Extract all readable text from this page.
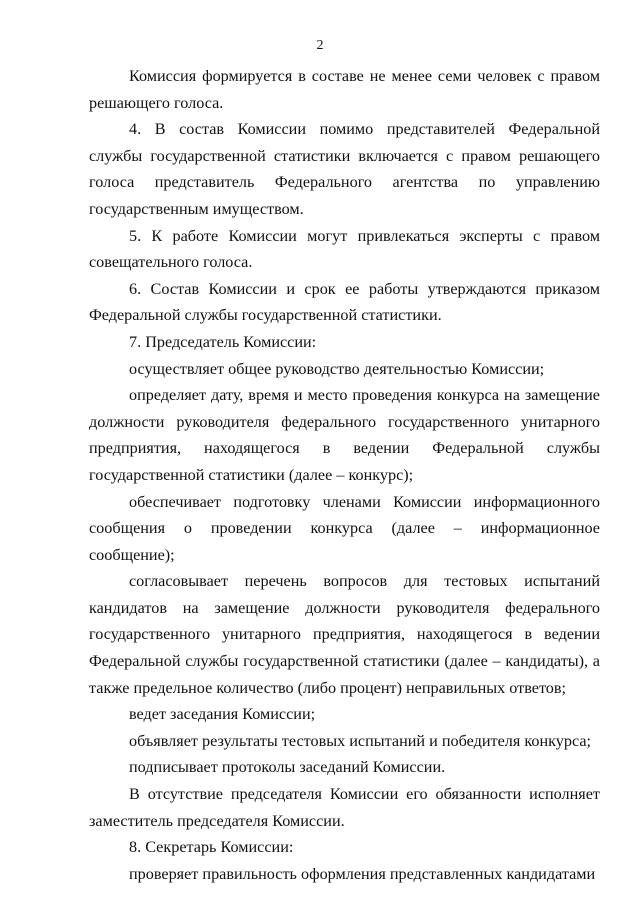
2

Комиссия формируется в составе не менее семи человек с правом решающего голоса.

4. В состав Комиссии помимо представителей Федеральной службы государственной статистики включается с правом решающего голоса представитель Федерального агентства по управлению государственным имуществом.

5. К работе Комиссии могут привлекаться эксперты с правом совещательного голоса.

6. Состав Комиссии и срок ее работы утверждаются приказом Федеральной службы государственной статистики.

7. Председатель Комиссии:

осуществляет общее руководство деятельностью Комиссии;

определяет дату, время и место проведения конкурса на замещение должности руководителя федерального государственного унитарного предприятия, находящегося в ведении Федеральной службы государственной статистики (далее – конкурс);

обеспечивает подготовку членами Комиссии информационного сообщения о проведении конкурса (далее – информационное сообщение);

согласовывает перечень вопросов для тестовых испытаний кандидатов на замещение должности руководителя федерального государственного унитарного предприятия, находящегося в ведении Федеральной службы государственной статистики (далее – кандидаты), а также предельное количество (либо процент) неправильных ответов;

ведет заседания Комиссии;

объявляет результаты тестовых испытаний и победителя конкурса;

подписывает протоколы заседаний Комиссии.

В отсутствие председателя Комиссии его обязанности исполняет заместитель председателя Комиссии.

8. Секретарь Комиссии:

проверяет правильность оформления представленных кандидатами
